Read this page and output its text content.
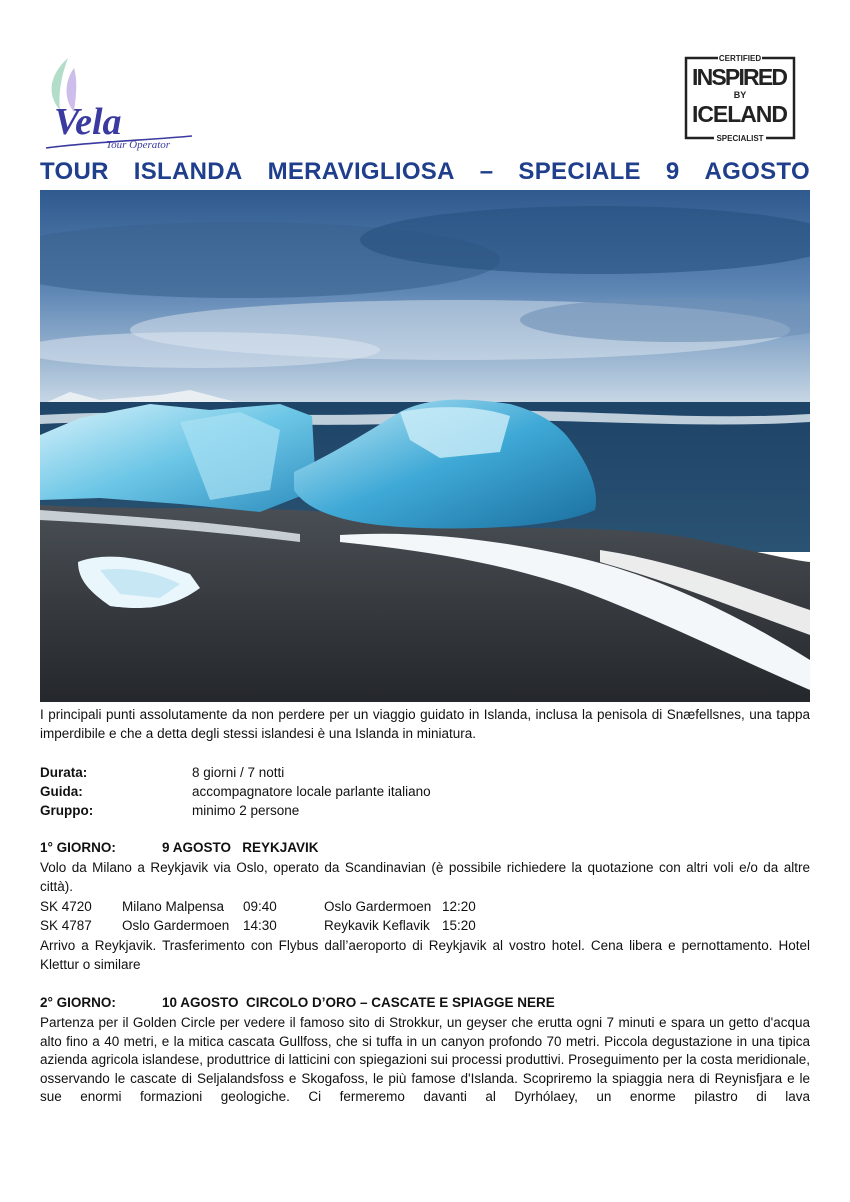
Vela
Tour Operator
CERTIFIED
INSPIRED
BY
ICELAND
SPECIALIST
TOUR ISLANDA MERAVIGLIOSA – SPECIALE 9 AGOSTO
I principali punti assolutamente da non perdere per un viaggio guidato in Islanda, inclusa la penisola di Snæfellsnes, una tappa imperdibile e che a detta degli stessi islandesi è una Islanda in miniatura.
Durata:	8 giorni / 7 notti
Guida:	accompagnatore locale parlante italiano
Gruppo:	minimo 2 persone
1° GIORNO:	9 AGOSTO   REYKJAVIK
Volo da Milano a Reykjavik via Oslo, operato da Scandinavian (è possibile richiedere la quotazione con altri voli e/o da altre città).
SK 4720 Milano Malpensa 09:40	Oslo Gardermoen 12:20
SK 4787 Oslo Gardermoen 14:30	Reykavik Keflavik 15:20
Arrivo a Reykjavik. Trasferimento con Flybus dall’aeroporto di Reykjavik al vostro hotel. Cena libera e pernottamento. Hotel Klettur o similare
2° GIORNO:	10 AGOSTO  CIRCOLO D’ORO – CASCATE E SPIAGGE NERE
Partenza per il Golden Circle per vedere il famoso sito di Strokkur, un geyser che erutta ogni 7 minuti e spara un getto d'acqua alto fino a 40 metri, e la mitica cascata Gullfoss, che si tuffa in un canyon profondo 70 metri. Piccola degustazione in una tipica azienda agricola islandese, produttrice di latticini con spiegazioni sui processi produttivi. Proseguimento per la costa meridionale, osservando le cascate di Seljalandsfoss e Skogafoss, le più famose d'Islanda. Scopriremo la spiaggia nera di Reynisfjara e le sue enormi formazioni geologiche. Ci fermeremo davanti al Dyrhólaey, un enorme pilastro di lava
